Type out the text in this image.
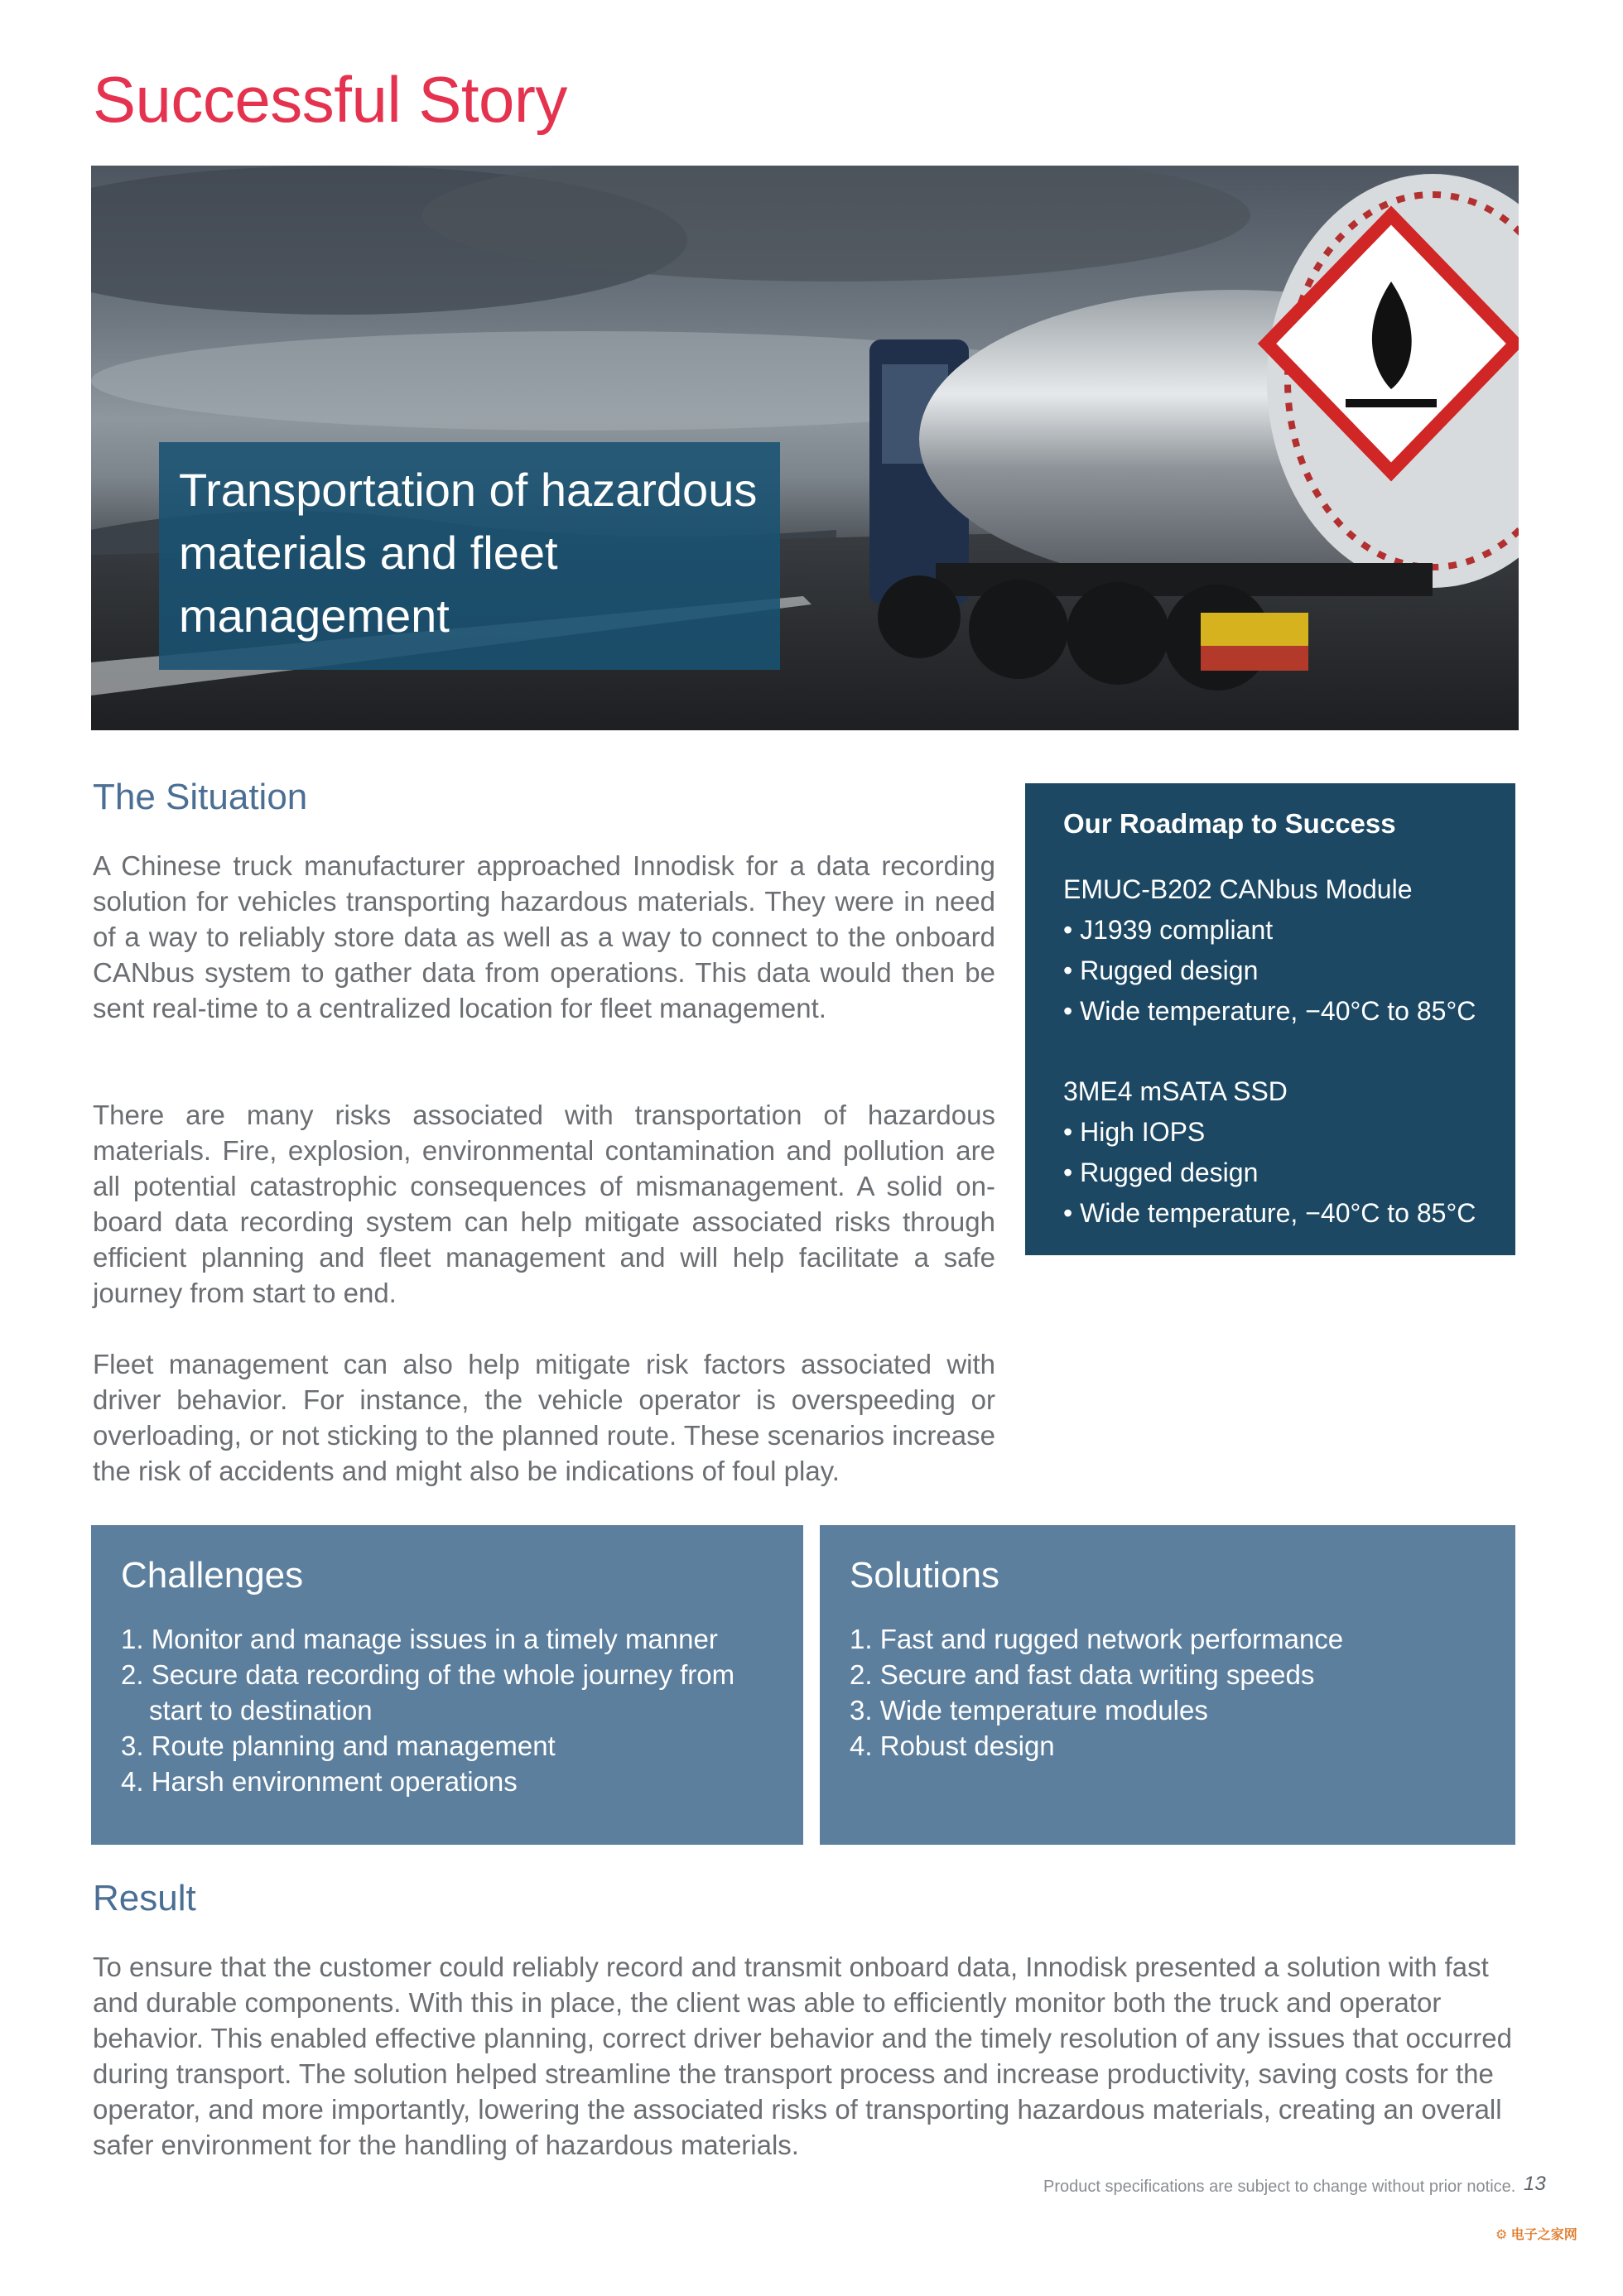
Successful Story
Transportation of hazardous materials and fleet management
The Situation

A Chinese truck manufacturer approached Innodisk for a data recording solution for vehicles transporting hazardous materials. They were in need of a way to reliably store data as well as a way to connect to the onboard CANbus system to gather data from operations. This data would then be sent real-time to a centralized location for fleet management.

There are many risks associated with transportation of hazardous materials. Fire, explosion, environmental contamination and pollution are all potential catastrophic consequences of mismanagement. A solid on-board data recording system can help mitigate associated risks through efficient planning and fleet management and will help facilitate a safe journey from start to end.

Fleet management can also help mitigate risk factors associated with driver behavior. For instance, the vehicle operator is overspeeding or overloading, or not sticking to the planned route. These scenarios increase the risk of accidents and might also be indications of foul play.

Our Roadmap to Success
EMUC-B202 CANbus Module
• J1939 compliant
• Rugged design
• Wide temperature, −40°C to 85°C
3ME4 mSATA SSD
• High IOPS
• Rugged design
• Wide temperature, −40°C to 85°C
Challenges
1. Monitor and manage issues in a timely manner
2. Secure data recording of the whole journey from start to destination
3. Route planning and management
4. Harsh environment operations
Solutions
1. Fast and rugged network performance
2. Secure and fast data writing speeds
3. Wide temperature modules
4. Robust design
Result

To ensure that the customer could reliably record and transmit onboard data, Innodisk presented a solution with fast and durable components. With this in place, the client was able to efficiently monitor both the truck and operator behavior. This enabled effective planning, correct driver behavior and the timely resolution of any issues that occurred during transport. The solution helped streamline the transport process and increase productivity, saving costs for the operator, and more importantly, lowering the associated risks of transporting hazardous materials, creating an overall safer environment for the handling of hazardous materials.

Product specifications are subject to change without prior notice. 13
⚙ 电子之家网
